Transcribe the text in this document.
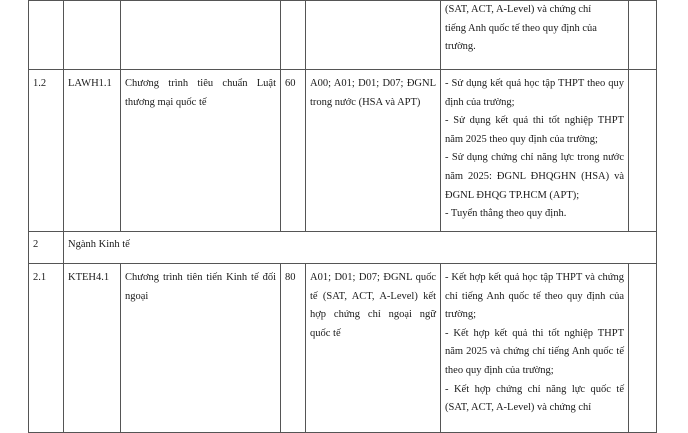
					(SAT, ACT, A-Level) và chứng chỉ
tiếng Anh quốc tế theo quy định của
trường.	

1.2	LAWH1.1	Chương trình tiêu chuẩn Luật thương mại quốc tế	60	A00; A01; D01; D07; ĐGNL trong nước (HSA và APT)	- Sử dụng kết quả học tập THPT theo quy định của trường;
- Sử dụng kết quả thi tốt nghiệp THPT năm 2025 theo quy định của trường;
- Sử dụng chứng chỉ năng lực trong nước năm 2025: ĐGNL ĐHQGHN (HSA) và ĐGNL ĐHQG TP.HCM (APT);
- Tuyển thẳng theo quy định.	

2	Ngành Kinh tế					
2.1	KTEH4.1	Chương trình tiên tiến Kinh tế đối ngoại	80	A01; D01; D07; ĐGNL quốc tế (SAT, ACT, A-Level) kết hợp chứng chỉ ngoại ngữ quốc tế	- Kết hợp kết quả học tập THPT và chứng chỉ tiếng Anh quốc tế theo quy định của trường;
- Kết hợp kết quả thi tốt nghiệp THPT năm 2025 và chứng chỉ tiếng Anh quốc tế theo quy định của trường;
- Kết hợp chứng chỉ năng lực quốc tế (SAT, ACT, A-Level) và chứng chỉ	
